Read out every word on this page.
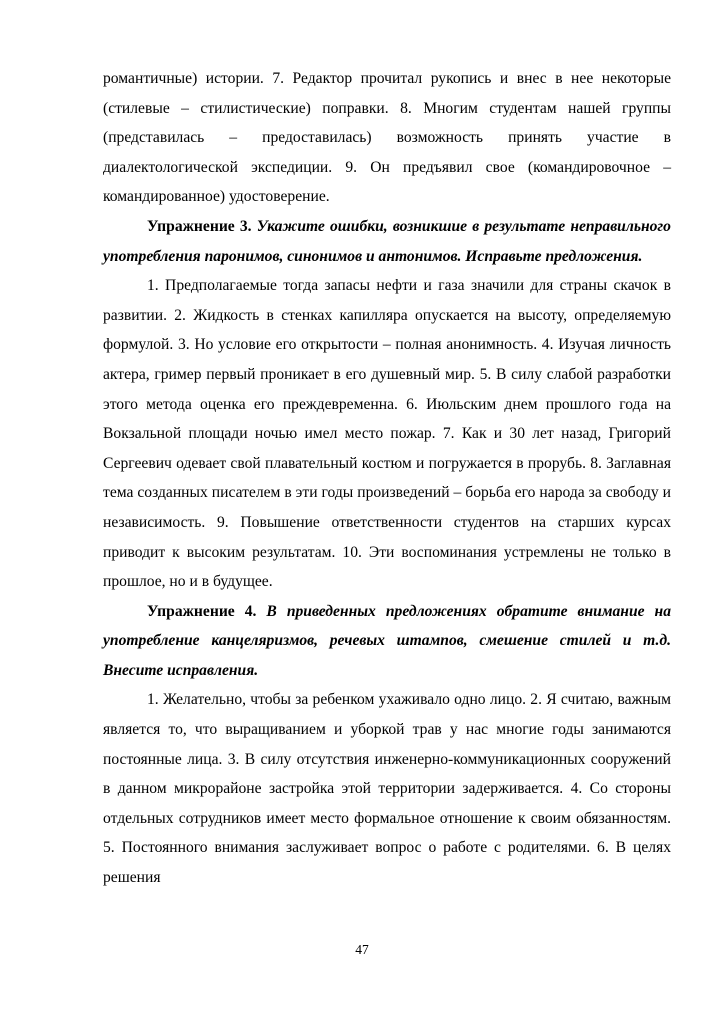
романтичные) истории. 7. Редактор прочитал рукопись и внес в нее некоторые (стилевые – стилистические) поправки. 8. Многим студентам нашей группы (представилась – предоставилась) возможность принять участие в диалектологической экспедиции. 9. Он предъявил свое (командировочное – командированное) удостоверение.

Упражнение 3. Укажите ошибки, возникшие в результате неправильного употребления паронимов, синонимов и антонимов. Исправьте предложения.

1. Предполагаемые тогда запасы нефти и газа значили для страны скачок в развитии. 2. Жидкость в стенках капилляра опускается на высоту, определяемую формулой. 3. Но условие его открытости – полная анонимность. 4. Изучая личность актера, гример первый проникает в его душевный мир. 5. В силу слабой разработки этого метода оценка его преждевременна. 6. Июльским днем прошлого года на Вокзальной площади ночью имел место пожар. 7. Как и 30 лет назад, Григорий Сергеевич одевает свой плавательный костюм и погружается в прорубь. 8. Заглавная тема созданных писателем в эти годы произведений – борьба его народа за свободу и независимость. 9. Повышение ответственности студентов на старших курсах приводит к высоким результатам. 10. Эти воспоминания устремлены не только в прошлое, но и в будущее.

Упражнение 4. В приведенных предложениях обратите внимание на употребление канцеляризмов, речевых штампов, смешение стилей и т.д. Внесите исправления.

1. Желательно, чтобы за ребенком ухаживало одно лицо. 2. Я считаю, важным является то, что выращиванием и уборкой трав у нас многие годы занимаются постоянные лица. 3. В силу отсутствия инженерно-коммуникационных сооружений в данном микрорайоне застройка этой территории задерживается. 4. Со стороны отдельных сотрудников имеет место формальное отношение к своим обязанностям. 5. Постоянного внимания заслуживает вопрос о работе с родителями. 6. В целях решения

47
